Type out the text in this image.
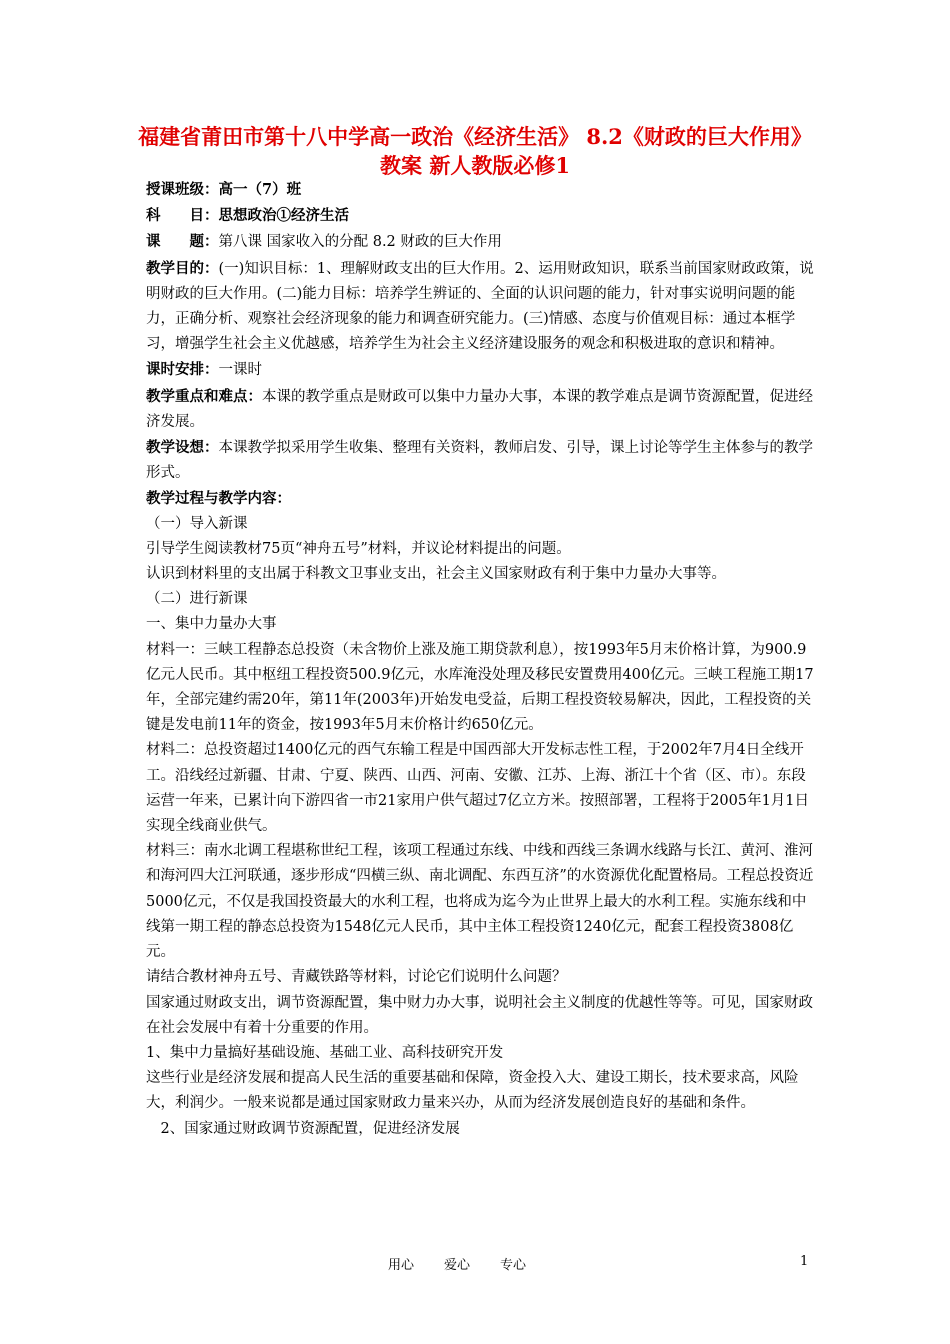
福建省莆田市第十八中学高一政治《经济生活》 8.2《财政的巨大作用》教案 新人教版必修1

授课班级：高一（7）班

科　　目：思想政治①经济生活

课　　题：第八课 国家收入的分配 8.2 财政的巨大作用

教学目的：(一)知识目标：1、理解财政支出的巨大作用。2、运用财政知识，联系当前国家财政政策，说明财政的巨大作用。(二)能力目标：培养学生辨证的、全面的认识问题的能力，针对事实说明问题的能力，正确分析、观察社会经济现象的能力和调查研究能力。(三)情感、态度与价值观目标：通过本框学习，增强学生社会主义优越感，培养学生为社会主义经济建设服务的观念和积极进取的意识和精神。

课时安排：一课时

教学重点和难点：本课的教学重点是财政可以集中力量办大事，本课的教学难点是调节资源配置，促进经济发展。

教学设想：本课教学拟采用学生收集、整理有关资料，教师启发、引导，课上讨论等学生主体参与的教学形式。

教学过程与教学内容：

（一）导入新课

引导学生阅读教材75页“神舟五号”材料，并议论材料提出的问题。

认识到材料里的支出属于科教文卫事业支出，社会主义国家财政有利于集中力量办大事等。

（二）进行新课

一、集中力量办大事

材料一：三峡工程静态总投资（未含物价上涨及施工期贷款利息），按1993年5月末价格计算，为900.9亿元人民币。其中枢纽工程投资500.9亿元，水库淹没处理及移民安置费用400亿元。三峡工程施工期17年，全部完建约需20年，第11年(2003年)开始发电受益，后期工程投资较易解决，因此，工程投资的关键是发电前11年的资金，按1993年5月末价格计约650亿元。

材料二：总投资超过1400亿元的西气东输工程是中国西部大开发标志性工程，于2002年7月4日全线开工。沿线经过新疆、甘肃、宁夏、陕西、山西、河南、安徽、江苏、上海、浙江十个省（区、市）。东段运营一年来，已累计向下游四省一市21家用户供气超过7亿立方米。按照部署，工程将于2005年1月1日实现全线商业供气。

材料三：南水北调工程堪称世纪工程，该项工程通过东线、中线和西线三条调水线路与长江、黄河、淮河和海河四大江河联通，逐步形成“四横三纵、南北调配、东西互济”的水资源优化配置格局。工程总投资近5000亿元，不仅是我国投资最大的水利工程，也将成为迄今为止世界上最大的水利工程。实施东线和中线第一期工程的静态总投资为1548亿元人民币，其中主体工程投资1240亿元，配套工程投资3808亿元。

请结合教材神舟五号、青藏铁路等材料，讨论它们说明什么问题？

国家通过财政支出，调节资源配置，集中财力办大事，说明社会主义制度的优越性等等。可见，国家财政在社会发展中有着十分重要的作用。

1、集中力量搞好基础设施、基础工业、高科技研究开发

这些行业是经济发展和提高人民生活的重要基础和保障，资金投入大、建设工期长，技术要求高，风险大，利润少。一般来说都是通过国家财政力量来兴办，从而为经济发展创造良好的基础和条件。

　2、国家通过财政调节资源配置，促进经济发展

用心 爱心 专心	1
